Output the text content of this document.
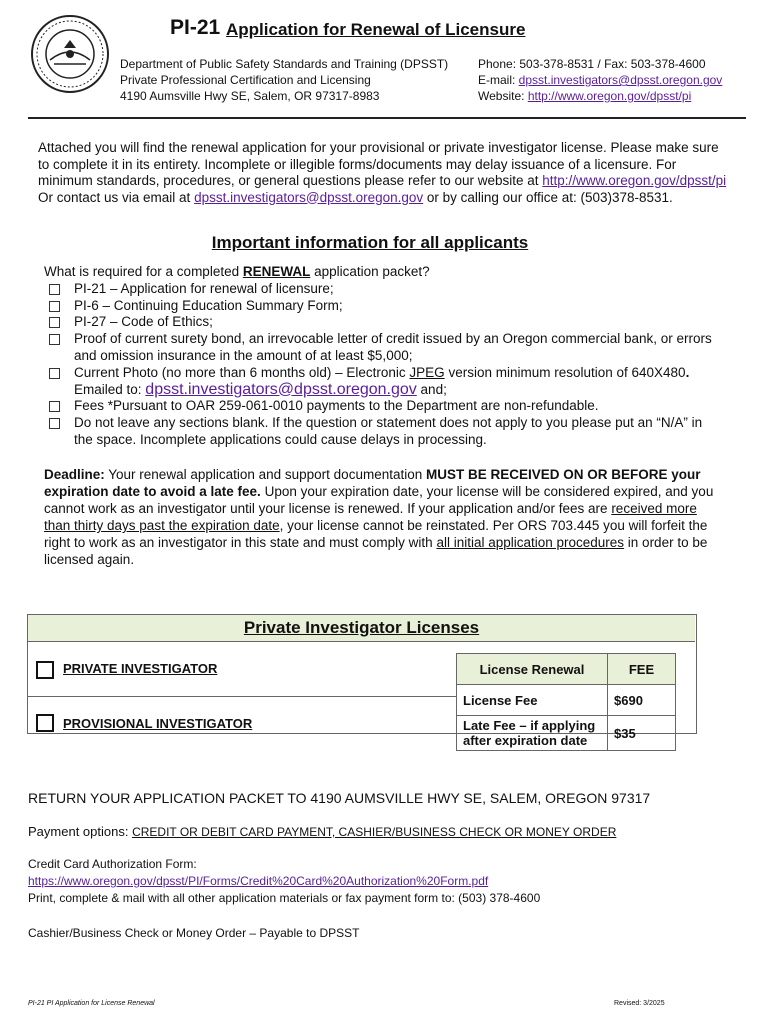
PI-21 Application for Renewal of Licensure
Department of Public Safety Standards and Training (DPSST)
Private Professional Certification and Licensing
4190 Aumsville Hwy SE, Salem, OR 97317-8983
Phone: 503-378-8531 / Fax: 503-378-4600
E-mail: dpsst.investigators@dpsst.oregon.gov
Website: http://www.oregon.gov/dpsst/pi
Attached you will find the renewal application for your provisional or private investigator license. Please make sure to complete it in its entirety. Incomplete or illegible forms/documents may delay issuance of a licensure. For minimum standards, procedures, or general questions please refer to our website at http://www.oregon.gov/dpsst/pi Or contact us via email at dpsst.investigators@dpsst.oregon.gov or by calling our office at: (503)378-8531.
Important information for all applicants
What is required for a completed RENEWAL application packet?
PI-21 – Application for renewal of licensure;
PI-6 – Continuing Education Summary Form;
PI-27 – Code of Ethics;
Proof of current surety bond, an irrevocable letter of credit issued by an Oregon commercial bank, or errors and omission insurance in the amount of at least $5,000;
Current Photo (no more than 6 months old) – Electronic JPEG version minimum resolution of 640X480.
Emailed to: dpsst.investigators@dpsst.oregon.gov and;
Fees *Pursuant to OAR 259-061-0010 payments to the Department are non-refundable.
Do not leave any sections blank. If the question or statement does not apply to you please put an “N/A” in the space. Incomplete applications could cause delays in processing.
Deadline: Your renewal application and support documentation MUST BE RECEIVED ON OR BEFORE your expiration date to avoid a late fee. Upon your expiration date, your license will be considered expired, and you cannot work as an investigator until your license is renewed. If your application and/or fees are received more than thirty days past the expiration date, your license cannot be reinstated. Per ORS 703.445 you will forfeit the right to work as an investigator in this state and must comply with all initial application procedures in order to be licensed again.
Private Investigator Licenses
PRIVATE INVESTIGATOR
PROVISIONAL INVESTIGATOR
License Renewal	FEE
License Fee	$690
Late Fee – if applying after expiration date	$35
RETURN YOUR APPLICATION PACKET TO 4190 AUMSVILLE HWY SE, SALEM, OREGON 97317
Payment options: CREDIT OR DEBIT CARD PAYMENT, CASHIER/BUSINESS CHECK OR MONEY ORDER
Credit Card Authorization Form:
https://www.oregon.gov/dpsst/PI/Forms/Credit%20Card%20Authorization%20Form.pdf
Print, complete & mail with all other application materials or fax payment form to: (503) 378-4600
Cashier/Business Check or Money Order – Payable to DPSST
PI-21 PI Application for License Renewal	Revised: 3/2025
